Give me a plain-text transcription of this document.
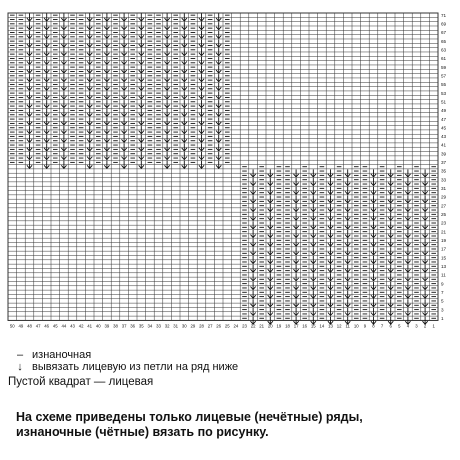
1
3
5
7
9
11
13
15
17
19
21
23
25
27
29
31
33
35
37
39
41
43
45
47
49
51
53
55
57
59
61
63
65
67
69
71
1
2
3
4
5
6
7
8
9
10
11
12
13
14
15
16
17
18
19
20
21
22
23
24
25
26
27
28
29
30
31
32
33
34
35
36
37
38
39
40
41
42
43
44
45
46
47
48
49
50
– изнаночная
↓ вывязать лицевую из петли на ряд ниже
Пустой квадрат — лицевая
На схеме приведены только лицевые (нечётные) ряды,
изнаночные (чётные) вязать по рисунку.
